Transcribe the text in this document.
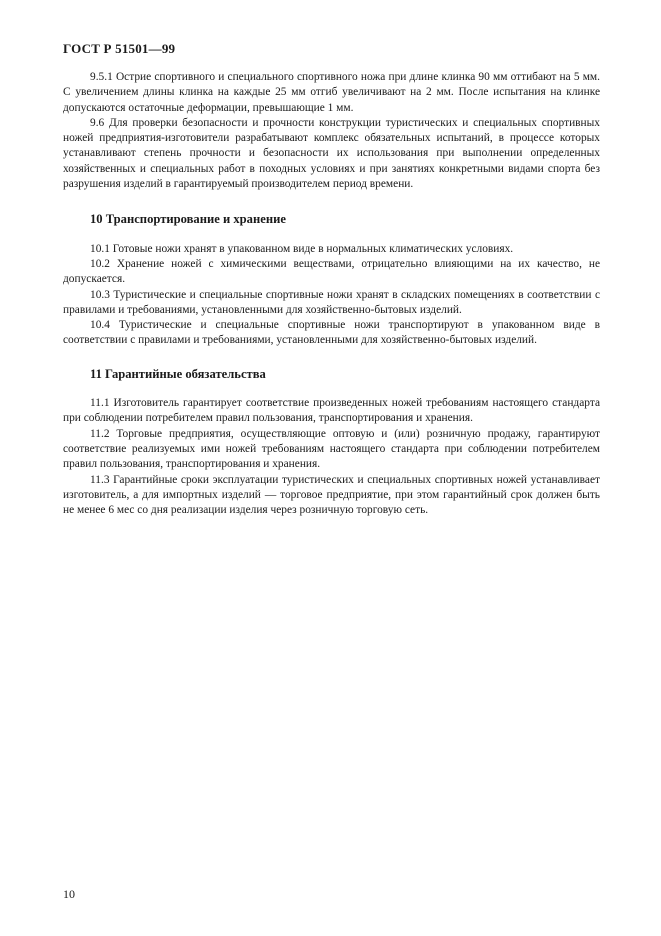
ГОСТ Р 51501—99

9.5.1 Острие спортивного и специального спортивного ножа при длине клинка 90 мм оттибают на 5 мм. С увеличением длины клинка на каждые 25 мм отгиб увеличивают на 2 мм. После испытания на клинке допускаются остаточные деформации, превышающие 1 мм.

9.6 Для проверки безопасности и прочности конструкции туристических и специальных спортивных ножей предприятия-изготовители разрабатывают комплекс обязательных испытаний, в процессе которых устанавливают степень прочности и безопасности их использования при выполнении определенных хозяйственных и специальных работ в походных условиях и при занятиях конкретными видами спорта без разрушения изделий в гарантируемый производителем период времени.

10 Транспортирование и хранение

10.1 Готовые ножи хранят в упакованном виде в нормальных климатических условиях.

10.2 Хранение ножей с химическими веществами, отрицательно влияющими на их качество, не допускается.

10.3 Туристические и специальные спортивные ножи хранят в складских помещениях в соответствии с правилами и требованиями, установленными для хозяйственно-бытовых изделий.

10.4 Туристические и специальные спортивные ножи транспортируют в упакованном виде в соответствии с правилами и требованиями, установленными для хозяйственно-бытовых изделий.

11 Гарантийные обязательства

11.1 Изготовитель гарантирует соответствие произведенных ножей требованиям настоящего стандарта при соблюдении потребителем правил пользования, транспортирования и хранения.

11.2 Торговые предприятия, осуществляющие оптовую и (или) розничную продажу, гарантируют соответствие реализуемых ими ножей требованиям настоящего стандарта при соблюдении потребителем правил пользования, транспортирования и хранения.

11.3 Гарантийные сроки эксплуатации туристических и специальных спортивных ножей устанавливает изготовитель, а для импортных изделий — торговое предприятие, при этом гарантийный срок должен быть не менее 6 мес со дня реализации изделия через розничную торговую сеть.

10
